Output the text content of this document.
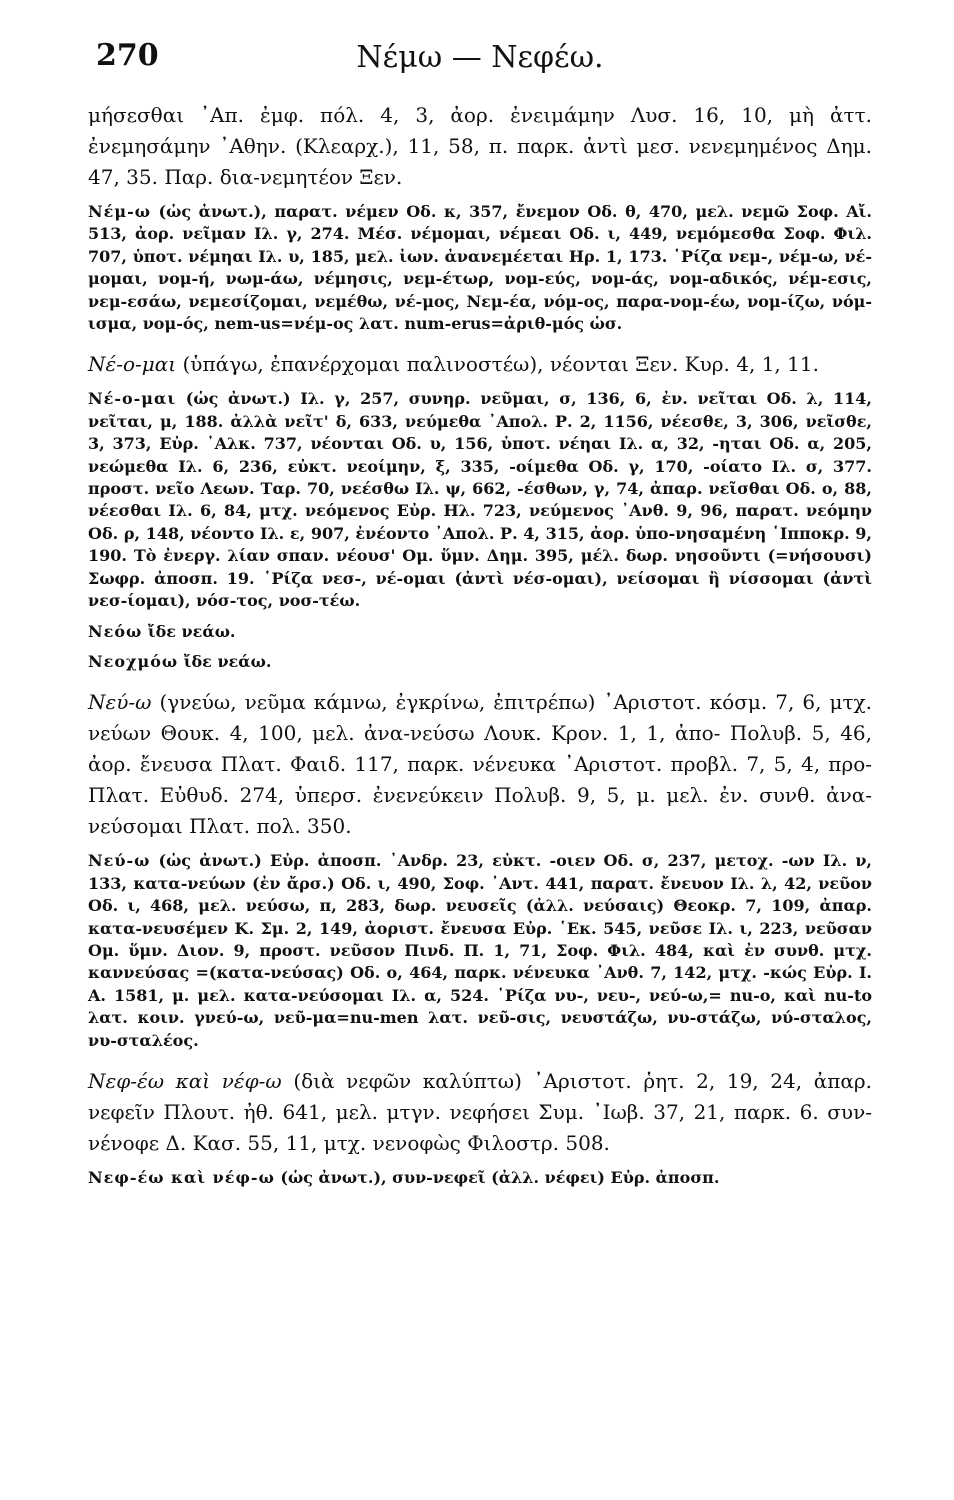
270	Νέμω — Νεφέω.

μήσεσθαι ᾿Απ. ἐμφ. πόλ. 4, 3, ἀορ. ἐνειμάμην Λυσ. 16, 10, μὴ ἀττ. ἐνεμησάμην ᾿Αθην. (Κλεαρχ.), 11, 58, π. παρκ. ἀντὶ μεσ. νενεμημένος Δημ. 47, 35. Παρ. δια-νεμητέον Ξεν.

Νέμ-ω (ὡς ἀνωτ.), παρατ. νέμεν Οδ. κ, 357, ἔνεμον Οδ. θ, 470, μελ. νεμῶ Σοφ. Αἴ. 513, ἀορ. νεῖμαν Ιλ. γ, 274. Μέσ. νέμομαι, νέμεαι Οδ. ι, 449, νεμόμεσθα Σοφ. Φιλ. 707, ὑποτ. νέμηαι Ιλ. υ, 185, μελ. ἰων. ἀνανεμέεται Ηρ. 1, 173. ῾Ρίζα νεμ-, νέμ-ω, νέ-μομαι, νομ-ή, νωμ-άω, νέμησις, νεμ-έτωρ, νομ-εύς, νομ-άς, νομ-αδικός, νέμ-εσις, νεμ-εσάω, νεμεσίζομαι, νεμέθω, νέ-μος, Νεμ-έα, νόμ-ος, παρα-νομ-έω, νομ-ίζω, νόμ-ισμα, νομ-ός, nem-us=νέμ-ος λατ. num-erus=ἀριθ-μός ὡσ.

Νέ-ο-μαι (ὑπάγω, ἐπανέρχομαι παλινοστέω), νέονται Ξεν. Κυρ. 4, 1, 11.

Νέ-ο-μαι (ὡς ἀνωτ.) Ιλ. γ, 257, συνηρ. νεῦμαι, σ, 136, 6, ἐν. νεῖται Οδ. λ, 114, νεῖται, μ, 188. ἀλλὰ νεῖτ' δ, 633, νεύμεθα ᾿Απολ. Ρ. 2, 1156, νέεσθε, 3, 306, νεῖσθε, 3, 373, Εὐρ. ᾿Αλκ. 737, νέονται Οδ. υ, 156, ὑποτ. νέηαι Ιλ. α, 32, -ηται Οδ. α, 205, νεώμεθα Ιλ. 6, 236, εὐκτ. νεοίμην, ξ, 335, -οίμεθα Οδ. γ, 170, -οίατο Ιλ. σ, 377. προστ. νεῖο Λεων. Ταρ. 70, νεέσθω Ιλ. ψ, 662, -έσθων, γ, 74, ἀπαρ. νεῖσθαι Οδ. ο, 88, νέεσθαι Ιλ. 6, 84, μτχ. νεόμενος Εὐρ. Ηλ. 723, νεύμενος ᾿Ανθ. 9, 96, παρατ. νεόμην Οδ. ρ, 148, νέοντο Ιλ. ε, 907, ἐνέοντο ᾿Απολ. Ρ. 4, 315, ἀορ. ὑπο-νησαμένη ῾Ιπποκρ. 9, 190. Τὸ ἐνεργ. λίαν σπαν. νέουσ' Ομ. ὕμν. Δημ. 395, μέλ. δωρ. νησοῦντι (=νήσουσι) Σωφρ. ἀποσπ. 19. ῾Ρίζα νεσ-, νέ-ομαι (ἀντὶ νέσ-ομαι), νείσομαι ἢ νίσσομαι (ἀντὶ νεσ-ίομαι), νόσ-τος, νοσ-τέω.

Νεόω ἴδε νεάω.

Νεοχμόω ἴδε νεάω.

Νεύ-ω (γνεύω, νεῦμα κάμνω, ἐγκρίνω, ἐπιτρέπω) ᾿Αριστοτ. κόσμ. 7, 6, μτχ. νεύων Θουκ. 4, 100, μελ. ἀνα-νεύσω Λουκ. Κρον. 1, 1, ἀπο- Πολυβ. 5, 46, ἀορ. ἔνευσα Πλατ. Φαιδ. 117, παρκ. νένευκα ᾿Αριστοτ. προβλ. 7, 5, 4, προ- Πλατ. Εὐθυδ. 274, ὑπερσ. ἐνενεύκειν Πολυβ. 9, 5, μ. μελ. ἐν. συνθ. ἀνα-νεύσομαι Πλατ. πολ. 350.

Νεύ-ω (ὡς ἀνωτ.) Εὐρ. ἀποσπ. ᾿Ανδρ. 23, εὐκτ. -οιεν Οδ. σ, 237, μετοχ. -ων Ιλ. ν, 133, κατα-νεύων (ἐν ἄρσ.) Οδ. ι, 490, Σοφ. ᾿Αντ. 441, παρατ. ἔνευον Ιλ. λ, 42, νεῦον Οδ. ι, 468, μελ. νεύσω, π, 283, δωρ. νευσεῖς (ἀλλ. νεύσαις) Θεοκρ. 7, 109, ἀπαρ. κατα-νευσέμεν Κ. Σμ. 2, 149, ἀοριστ. ἔνευσα Εὐρ. ῾Εκ. 545, νεῦσε Ιλ. ι, 223, νεῦσαν Ομ. ὕμν. Διον. 9, προστ. νεῦσον Πινδ. Π. 1, 71, Σοφ. Φιλ. 484, καὶ ἐν συνθ. μτχ. καννεύσας =(κατα-νεύσας) Οδ. ο, 464, παρκ. νένευκα ᾿Ανθ. 7, 142, μτχ. -κώς Εὐρ. Ι. Α. 1581, μ. μελ. κατα-νεύσομαι Ιλ. α, 524. ῾Ρίζα νυ-, νευ-, νεύ-ω,= nu-o, καὶ nu-to λατ. κοιν. γνεύ-ω, νεῦ-μα=nu-men λατ. νεῦ-σις, νευστάζω, νυ-στάζω, νύ-σταλος, νυ-σταλέος.

Νεφ-έω καὶ νέφ-ω (διὰ νεφῶν καλύπτω) ᾿Αριστοτ. ῥητ. 2, 19, 24, ἀπαρ. νεφεῖν Πλουτ. ἠθ. 641, μελ. μτγν. νεφήσει Συμ. ᾿Ιωβ. 37, 21, παρκ. 6. συν-νένοφε Δ. Κασ. 55, 11, μτχ. νενοφὼς Φιλοστρ. 508.

Νεφ-έω καὶ νέφ-ω (ὡς ἀνωτ.), συν-νεφεῖ (ἀλλ. νέφει) Εὐρ. ἀποσπ.
